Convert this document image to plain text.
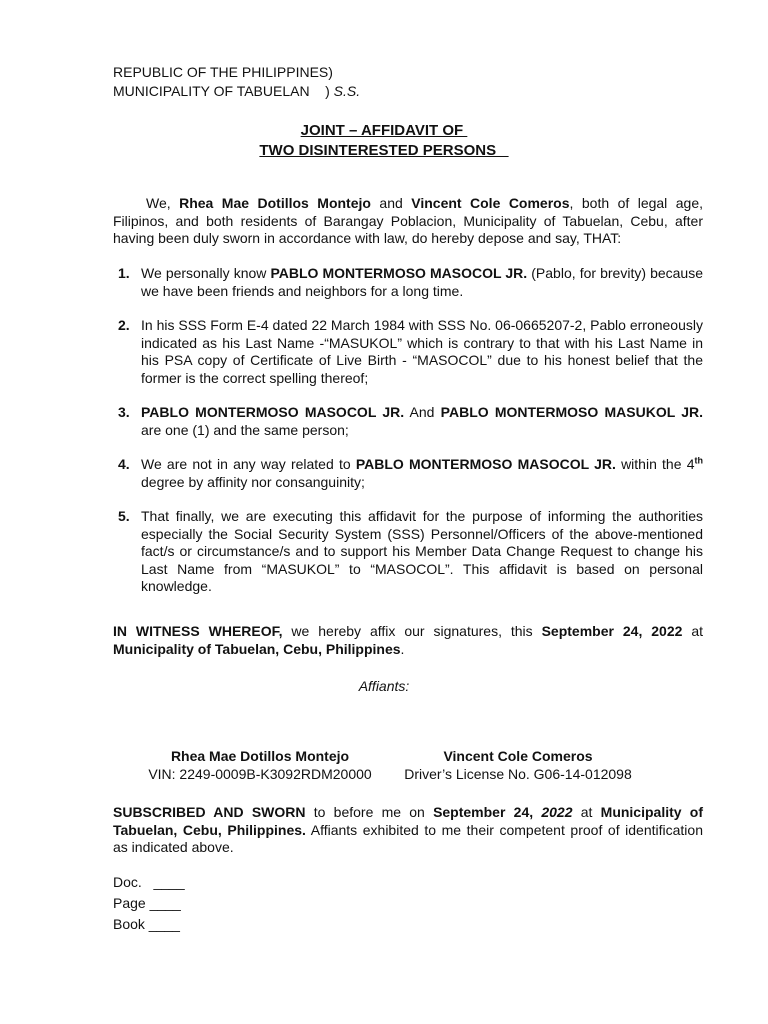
REPUBLIC OF THE PHILIPPINES)
MUNICIPALITY OF TABUELAN    ) S.S.
JOINT – AFFIDAVIT OF
TWO DISINTERESTED PERSONS
We, Rhea Mae Dotillos Montejo and Vincent Cole Comeros, both of legal age, Filipinos, and both residents of Barangay Poblacion, Municipality of Tabuelan, Cebu, after having been duly sworn in accordance with law, do hereby depose and say, THAT:
1. We personally know PABLO MONTERMOSO MASOCOL JR. (Pablo, for brevity) because we have been friends and neighbors for a long time.
2. In his SSS Form E-4 dated 22 March 1984 with SSS No. 06-0665207-2, Pablo erroneously indicated as his Last Name -“MASUKOL” which is contrary to that with his Last Name in his PSA copy of Certificate of Live Birth - “MASOCOL” due to his honest belief that the former is the correct spelling thereof;
3. PABLO MONTERMOSO MASOCOL JR. And PABLO MONTERMOSO MASUKOL JR. are one (1) and the same person;
4. We are not in any way related to PABLO MONTERMOSO MASOCOL JR. within the 4th degree by affinity nor consanguinity;
5. That finally, we are executing this affidavit for the purpose of informing the authorities especially the Social Security System (SSS) Personnel/Officers of the above-mentioned fact/s or circumstance/s and to support his Member Data Change Request to change his Last Name from “MASUKOL” to “MASOCOL”. This affidavit is based on personal knowledge.
IN WITNESS WHEREOF, we hereby affix our signatures, this September 24, 2022 at Municipality of Tabuelan, Cebu, Philippines.
Affiants:
Rhea Mae Dotillos Montejo
VIN: 2249-0009B-K3092RDM20000
Vincent Cole Comeros
Driver’s License No. G06-14-012098
SUBSCRIBED AND SWORN to before me on September 24, 2022 at Municipality of Tabuelan, Cebu, Philippines. Affiants exhibited to me their competent proof of identification as indicated above.
Doc.   ____
Page ____
Book ____
